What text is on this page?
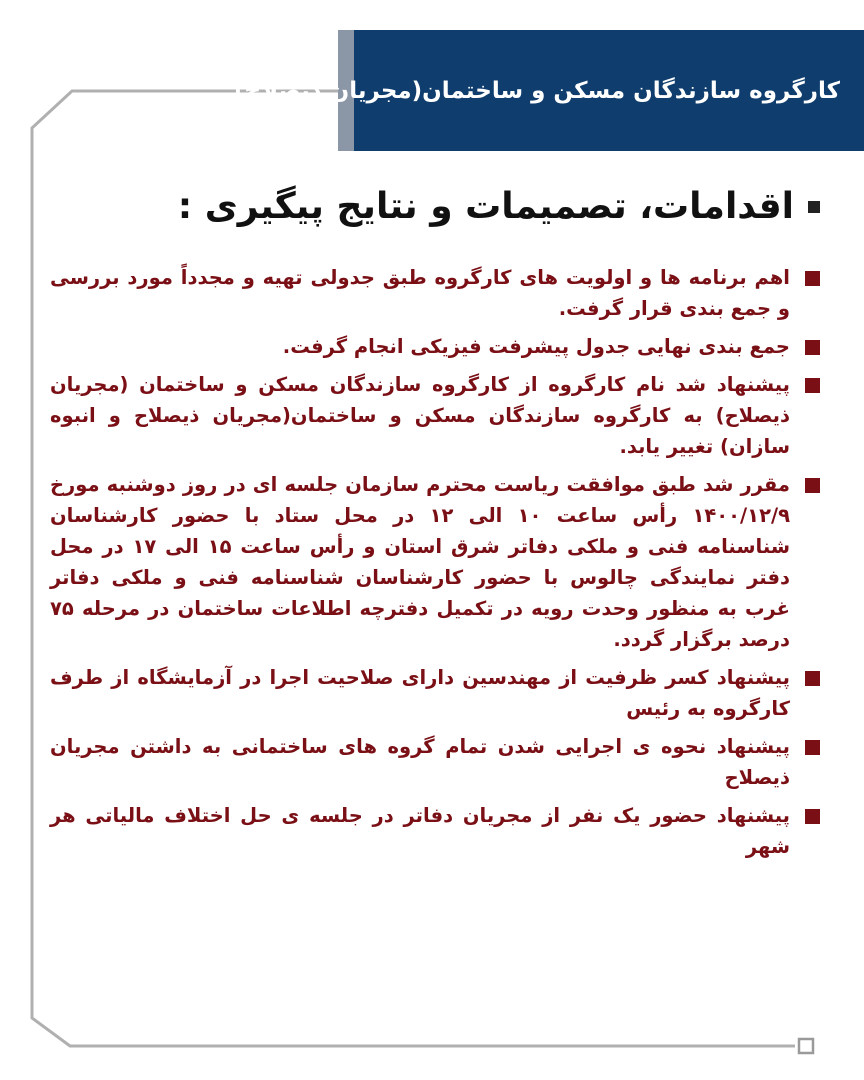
کارگروه سازندگان مسکن و ساختمان(مجریان ذیصلاح)
اقدامات، تصمیمات و نتایج پیگیری :
اهم برنامه ها و اولویت های کارگروه طبق جدولی تهیه و مجدداً مورد بررسی و جمع بندی قرار گرفت.
جمع بندی نهایی جدول پیشرفت فیزیکی انجام گرفت.
پیشنهاد شد نام کارگروه از کارگروه سازندگان مسکن و ساختمان (مجریان ذیصلاح) به کارگروه سازندگان مسکن و ساختمان(مجریان ذیصلاح و انبوه سازان) تغییر یابد.
مقرر شد طبق موافقت ریاست محترم سازمان جلسه ای در روز دوشنبه مورخ ۱۴۰۰/۱۲/۹ رأس ساعت ۱۰ الی ۱۲ در محل ستاد با حضور کارشناسان شناسنامه فنی و ملکی دفاتر شرق استان و رأس ساعت ۱۵ الی ۱۷ در محل دفتر نمایندگی چالوس با حضور کارشناسان شناسنامه فنی و ملکی دفاتر غرب به منظور وحدت رویه در تکمیل دفترچه اطلاعات ساختمان در مرحله ۷۵ درصد برگزار گردد.
پیشنهاد کسر ظرفیت از مهندسین دارای صلاحیت اجرا در آزمایشگاه از طرف کارگروه به رئیس
پیشنهاد نحوه ی اجرایی شدن تمام گروه های ساختمانی به داشتن مجریان ذیصلاح
پیشنهاد حضور یک نفر از مجریان دفاتر در جلسه ی حل اختلاف مالیاتی هر شهر
